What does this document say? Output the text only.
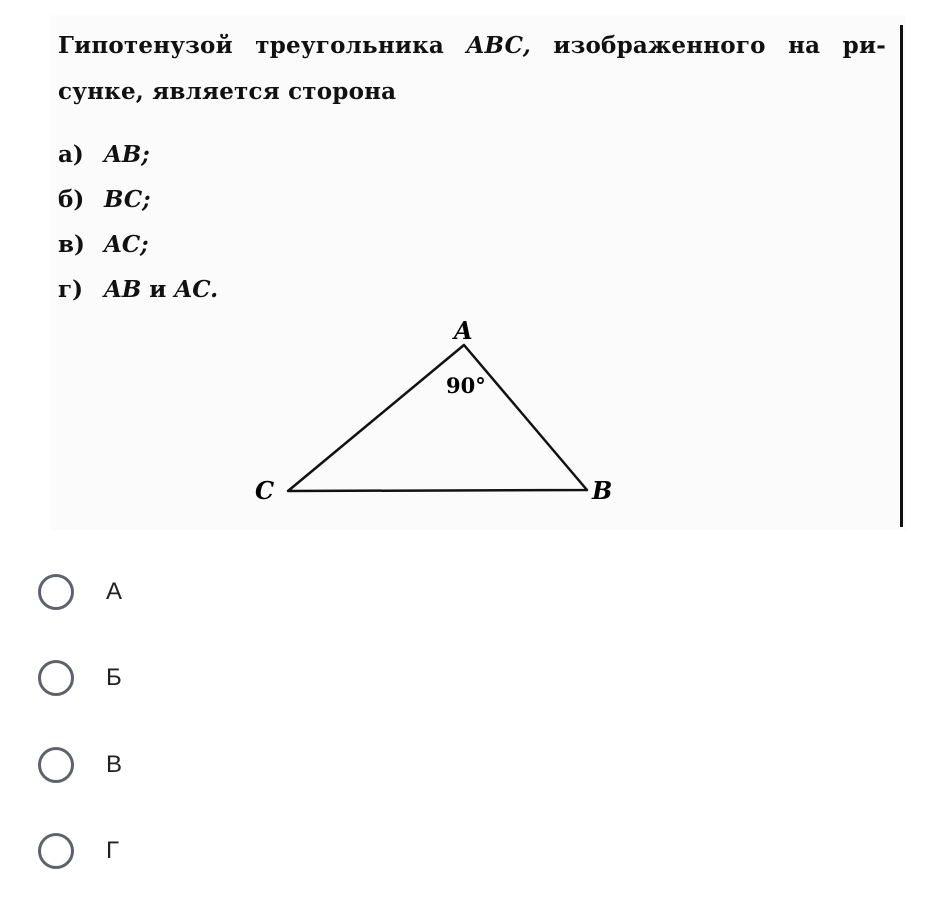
Гипотенузой треугольника ABC, изображенного на ри-
сунке, является сторона
а) AB;
б) BC;
в) AC;
г) AB и AC.
A
B
C
90°
А
Б
В
Г
